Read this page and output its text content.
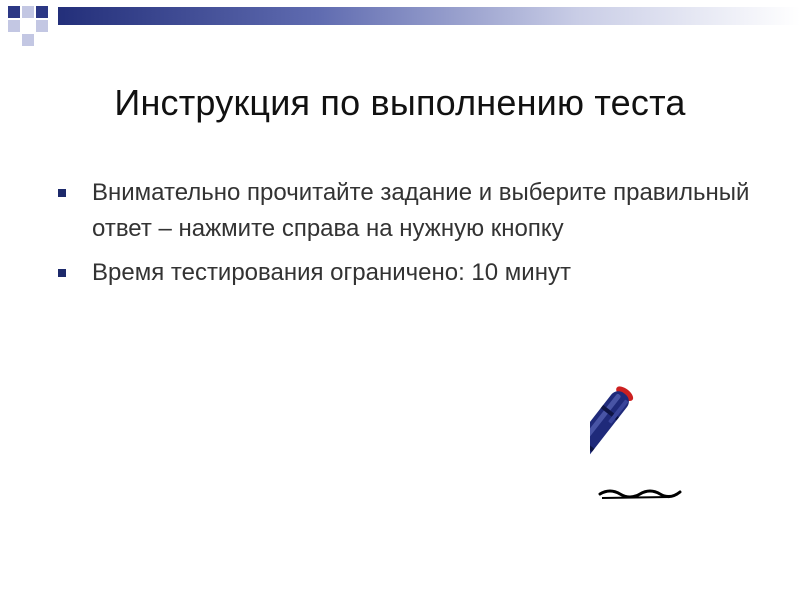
Инструкция по выполнению теста
Внимательно прочитайте задание и выберите правильный ответ – нажмите справа на нужную кнопку
Время тестирования ограничено: 10 минут
